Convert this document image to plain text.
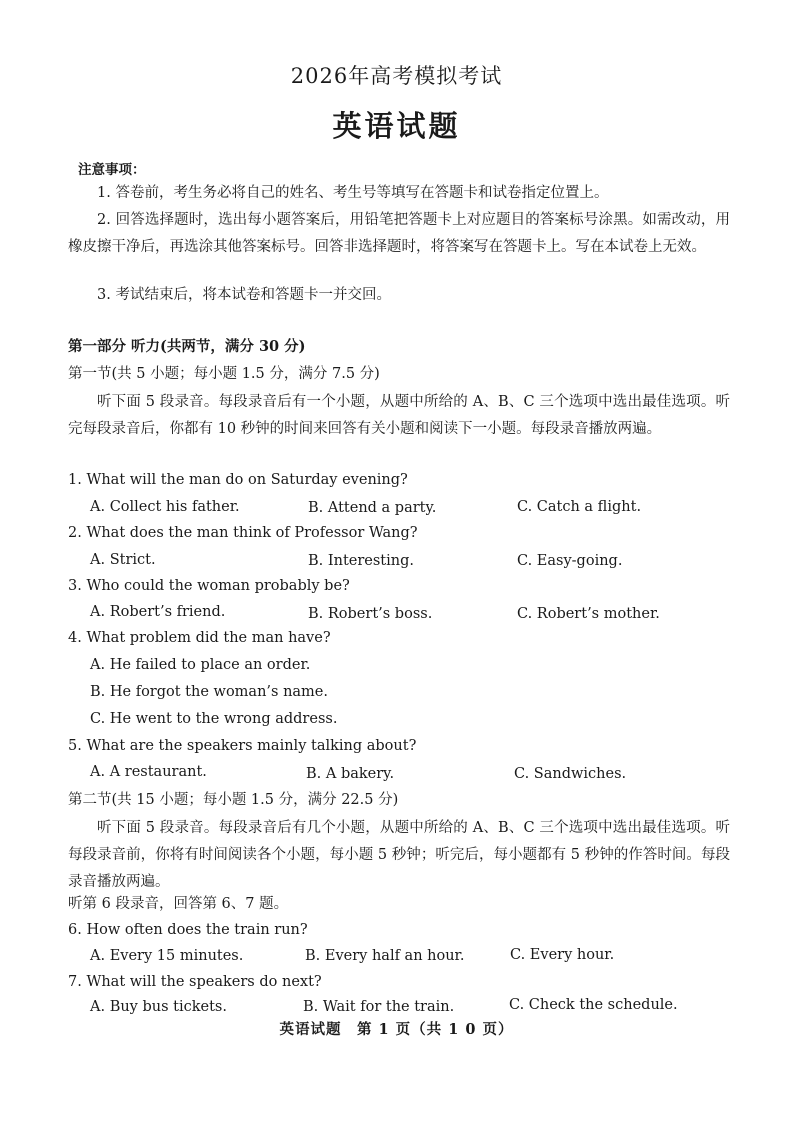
2026年高考模拟考试
英语试题
注意事项：
1. 答卷前，考生务必将自己的姓名、考生号等填写在答题卡和试卷指定位置上。
2. 回答选择题时，选出每小题答案后，用铅笔把答题卡上对应题目的答案标号涂黑。如需改动，用橡皮擦干净后，再选涂其他答案标号。回答非选择题时，将答案写在答题卡上。写在本试卷上无效。
3. 考试结束后，将本试卷和答题卡一并交回。
第一部分 听力(共两节，满分 30 分)
第一节(共 5 小题；每小题 1.5 分，满分 7.5 分)
听下面 5 段录音。每段录音后有一个小题，从题中所给的 A、B、C 三个选项中选出最佳选项。听完每段录音后，你都有 10 秒钟的时间来回答有关小题和阅读下一小题。每段录音播放两遍。
1. What will the man do on Saturday evening?
A. Collect his father.	B. Attend a party.	C. Catch a flight.
2. What does the man think of Professor Wang?
A. Strict.	B. Interesting.	C. Easy-going.
3. Who could the woman probably be?
A. Robert’s friend.	B. Robert’s boss.	C. Robert’s mother.
4. What problem did the man have?
A. He failed to place an order.
B. He forgot the woman’s name.
C. He went to the wrong address.
5. What are the speakers mainly talking about?
A. A restaurant.	B. A bakery.	C. Sandwiches.
第二节(共 15 小题；每小题 1.5 分，满分 22.5 分)
听下面 5 段录音。每段录音后有几个小题，从题中所给的 A、B、C 三个选项中选出最佳选项。听每段录音前，你将有时间阅读各个小题，每小题 5 秒钟；听完后，每小题都有 5 秒钟的作答时间。每段录音播放两遍。
听第 6 段录音，回答第 6、7 题。
6. How often does the train run?
A. Every 15 minutes.	B. Every half an hour.	C. Every hour.
7. What will the speakers do next?
A. Buy bus tickets.	B. Wait for the train.	C. Check the schedule.
英语试题　第 1 页（共 1 0 页）
